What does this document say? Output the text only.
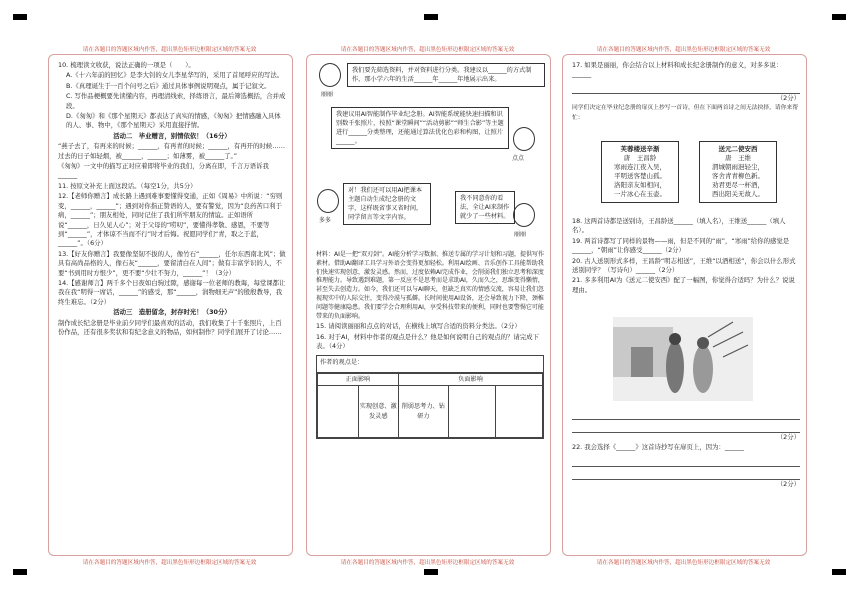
请在各题目的答题区域内作答，超出黑色矩形边框限定区域的答案无效	请在各题目的答题区域内作答，超出黑色矩形边框限定区域的答案无效	请在各题目的答题区域内作答，超出黑色矩形边框限定区域的答案无效
请在各题目的答题区域内作答，超出黑色矩形边框限定区域的答案无效	请在各题目的答题区域内作答，超出黑色矩形边框限定区域的答案无效	请在各题目的答题区域内作答，超出黑色矩形边框限定区域的答案无效

10. 梳理读文收获，说法正确的一项是（　　）。

A.《十六年前的回忆》是李大钊的女儿李星华写的，采用了首尾呼应的写法。

B.《真理诞生于一百个问号之后》通过具体事例说明观点，属于记叙文。

C. 写作品梗概要先读懂内容，再理清线索，择练语言，最后筛选概括，合并成段。

D.《匆匆》和《那个星期天》都表达了真实的情感，《匆匆》把情感融入具体的人、事、物中，《那个星期天》采用直接抒情。

活动二　毕业赠言，别情依依！（16分）

“燕子去了，有再来的时候；______，有再青的时候；______，有再开的时候……过去的日子如轻烟，被______，______；如薄雾，被______了。”

《匆匆》一文中的描写正对应着即将毕业的我们，分离在即，千言万语诉我______

11. 按原文补充上面这段话。（每空1分，共5分）

12.【老师你赠言】成长路上遇到难事要懂得变通，正如《周易》中所说：“穷则变，______，______”；遇到对你指正赞语的人，要有警觉，因为“良药苦口利于病，______”；朋友相处，同时记住了我们所牢朋友的情谊。正如语所说“______，日久见人心”；对于父母的“唠叨”，要懂得孝敬、感恩，不要等到“______”，才体谅不当而不行”时才后悔。祝愿同学们“青，取之于蓝，______”。（6分）

13.【好友你赠言】我要像坚韧不拔的人，像竹石“______，任尔东西南北风”；做具有高尚品格的人，像石灰“______，要留清白在人间”；做有丰富学识的人，不要“书到用时方恨少”，更不要“少壮不努力，______”！（3分）

14.【感谢师言】两千多个日夜如白驹过隙，感谢每一位老师的教诲，每堂课都让我在我“明得一席话，______”的感受，那“______，润物细无声”的殷殷教导，我终生难忘。（2分）

活动三　造册留念，封存时光！（30分）

制作成长纪念册是毕业前夕同学们最喜欢的活动，我们收集了十千张照片，上百份作品，还有很多奖状和有纪念意义的物品，如何制作？同学们展开了讨论……

丽丽
我们要先筛选资料，并对资料进行分类。我建议以______的方式制作，那小学六年的生活______年______年地展示出来。
我建议用AI智能制作毕业纪念册。AI智能系统能快速扫描和识别数千张照片，按照“课堂瞬间”“活动剪影”“师生合影”等主题进行______分类整理，还能通过算法优化色彩和构图，让照片______。
点点
多多
对！我们还可以用AI把课本主题自动生成纪念册的文字，这样既省事又省时间，同学留言等文字内容。
我不同意你的看法，全让AI来制作就少了一些材料。
丽丽

材料：AI是一把“双刃剑”。AI能分析学习数据、推送专属的学习计划和习题，提供写作素材。借助AI翻译工具学习外语会变得更加轻松。利用AI绘画、音乐创作工具能帮助我们快速实现创意，激发灵感。然而，过度依赖AI完成作业，会削弱我们独立思考和深度推理能力。导致遇到难题，第一反应不是思考而是求助AI，久而久之，思维变得懒惰，甚至失去创造力。如今，我们还可以与AI聊天，但缺乏真实的情感交流，容易让我们忽视现实中的人际交往，变得冷漠与孤僻。长时间使用AI设备，还会导致视力下降，颈椎问题等健康隐患。我们要学会合理利用AI，享受科技带来的便利，同时也要警惕它可能带来的负面影响。

15. 请阅读丽丽和点点的对话，在横线上填写合适的资料分类法。（2分）

16. 对于AI，材料中作者的观点是什么？他是如何说明自己的观点的？请完成下表。（4分）

作者的观点是：
正面影响		负面影响		
	实现创意、激发灵感	削弱思考力、钻研力		

17. 如果是丽丽，你会结合以上材料和成长纪念册制作的意义，对多多说：______

（2分）

同学们决定在毕业纪念册的扉页上抄写一首诗，但在下面两首诗之间无法抉择，请你来帮忙：

芙蓉楼送辛渐
唐　王昌龄
寒雨连江夜入吴，
平明送客楚山孤。
洛阳亲友如相问，
一片冰心在玉壶。
送元二使安西
唐　王维
渭城朝雨浥轻尘，
客舍青青柳色新。
劝君更尽一杯酒，
西出阳关无故人。

18. 这两首诗都是送别诗，王昌龄送______（填人名），王维送______（填人名）。

19. 两首诗都写了同样的景物——雨，但是不同的“雨”，“寒雨”给你的感觉是______，“朝雨”让你感受______（2分）

20. 古人送别形式多样，王昌龄“明志相送”，王维“以酒相送”，你会以什么形式送别同学？（写诗句）______（2分）

21. 多多利用AI为《送元二使安西》配了一幅图，你觉得合适吗？为什么？说说理由。

（2分）

22. 我会选择《______》这首诗抄写在扉页上，因为：______

（2分）
